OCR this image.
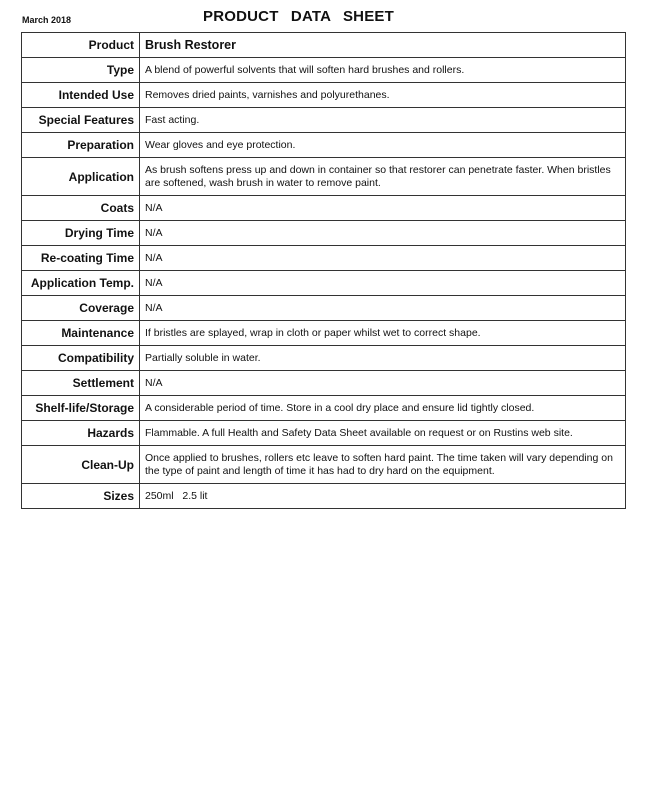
March 2018	PRODUCT DATA SHEET
Product	Brush Restorer
Type	A blend of powerful solvents that will soften hard brushes and rollers.
Intended Use	Removes dried paints, varnishes and polyurethanes.
Special Features	Fast acting.
Preparation	Wear gloves and eye protection.
Application	As brush softens press up and down in container so that restorer can penetrate faster. When bristles are softened, wash brush in water to remove paint.
Coats	N/A
Drying Time	N/A
Re-coating Time	N/A
Application Temp.	N/A
Coverage	N/A
Maintenance	If bristles are splayed, wrap in cloth or paper whilst wet to correct shape.
Compatibility	Partially soluble in water.
Settlement	N/A
Shelf-life/Storage	A considerable period of time. Store in a cool dry place and ensure lid tightly closed.
Hazards	Flammable. A full Health and Safety Data Sheet available on request or on Rustins web site.
Clean-Up	Once applied to brushes, rollers etc leave to soften hard paint. The time taken will vary depending on the type of paint and length of time it has had to dry hard on the equipment.
Sizes	250ml   2.5 lit
